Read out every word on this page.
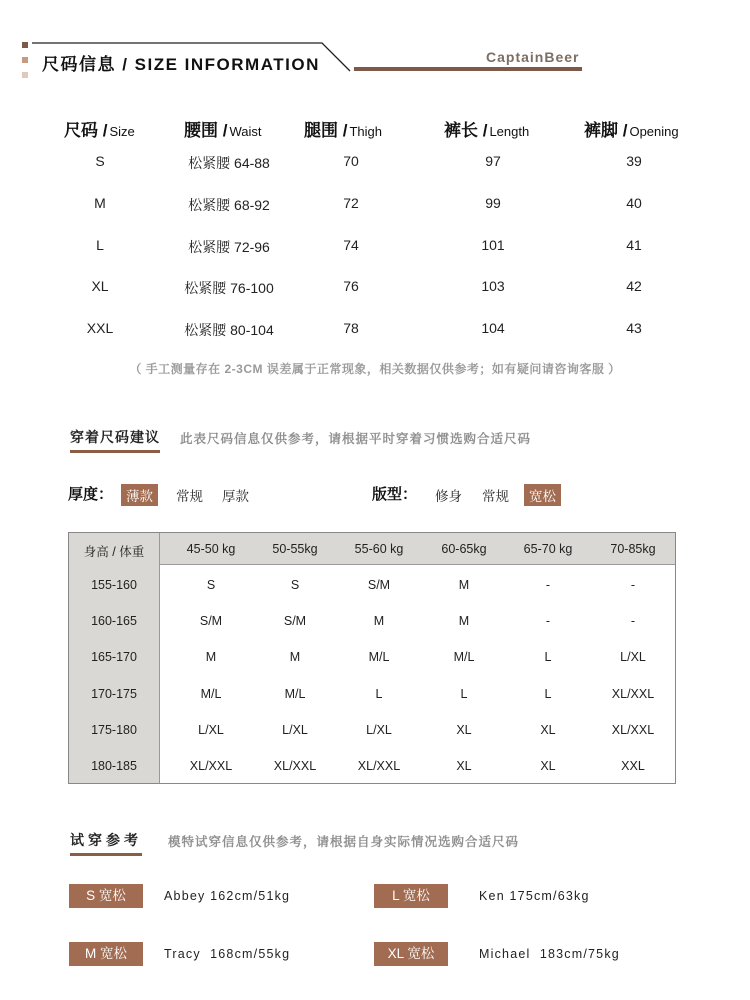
尺码信息 / SIZE INFORMATION	CaptainBeer
尺码 / Size	腰围 / Waist	腿围 / Thigh	裤长 / Length	裤脚 / Opening
S	松紧腰 64-88	70	97	39
M	松紧腰 68-92	72	99	40
L	松紧腰 72-96	74	101	41
XL	松紧腰 76-100	76	103	42
XXL	松紧腰 80-104	78	104	43
（ 手工测量存在 2-3CM 误差属于正常现象，相关数据仅供参考；如有疑问请咨询客服 ）
穿着尺码建议 此表尺码信息仅供参考，请根据平时穿着习惯选购合适尺码
厚度： 薄款	常规	厚款	版型：	修身	常规	宽松
身高 / 体重	45-50 kg	50-55kg	55-60 kg	60-65kg	65-70 kg	70-85kg
155-160	S	S	S/M	M	-	-
160-165	S/M	S/M	M	M	-	-
165-170	M	M	M/L	M/L	L	L/XL
170-175	M/L	M/L	L	L	L	XL/XXL
175-180	L/XL	L/XL	L/XL	XL	XL	XL/XXL
180-185	XL/XXL	XL/XXL	XL/XXL	XL	XL	XXL
试穿参考 模特试穿信息仅供参考，请根据自身实际情况选购合适尺码
S 宽松	Abbey 162cm/51kg	L 宽松	Ken 175cm/63kg
M 宽松	Tracy  168cm/55kg	XL 宽松	Michael  183cm/75kg
